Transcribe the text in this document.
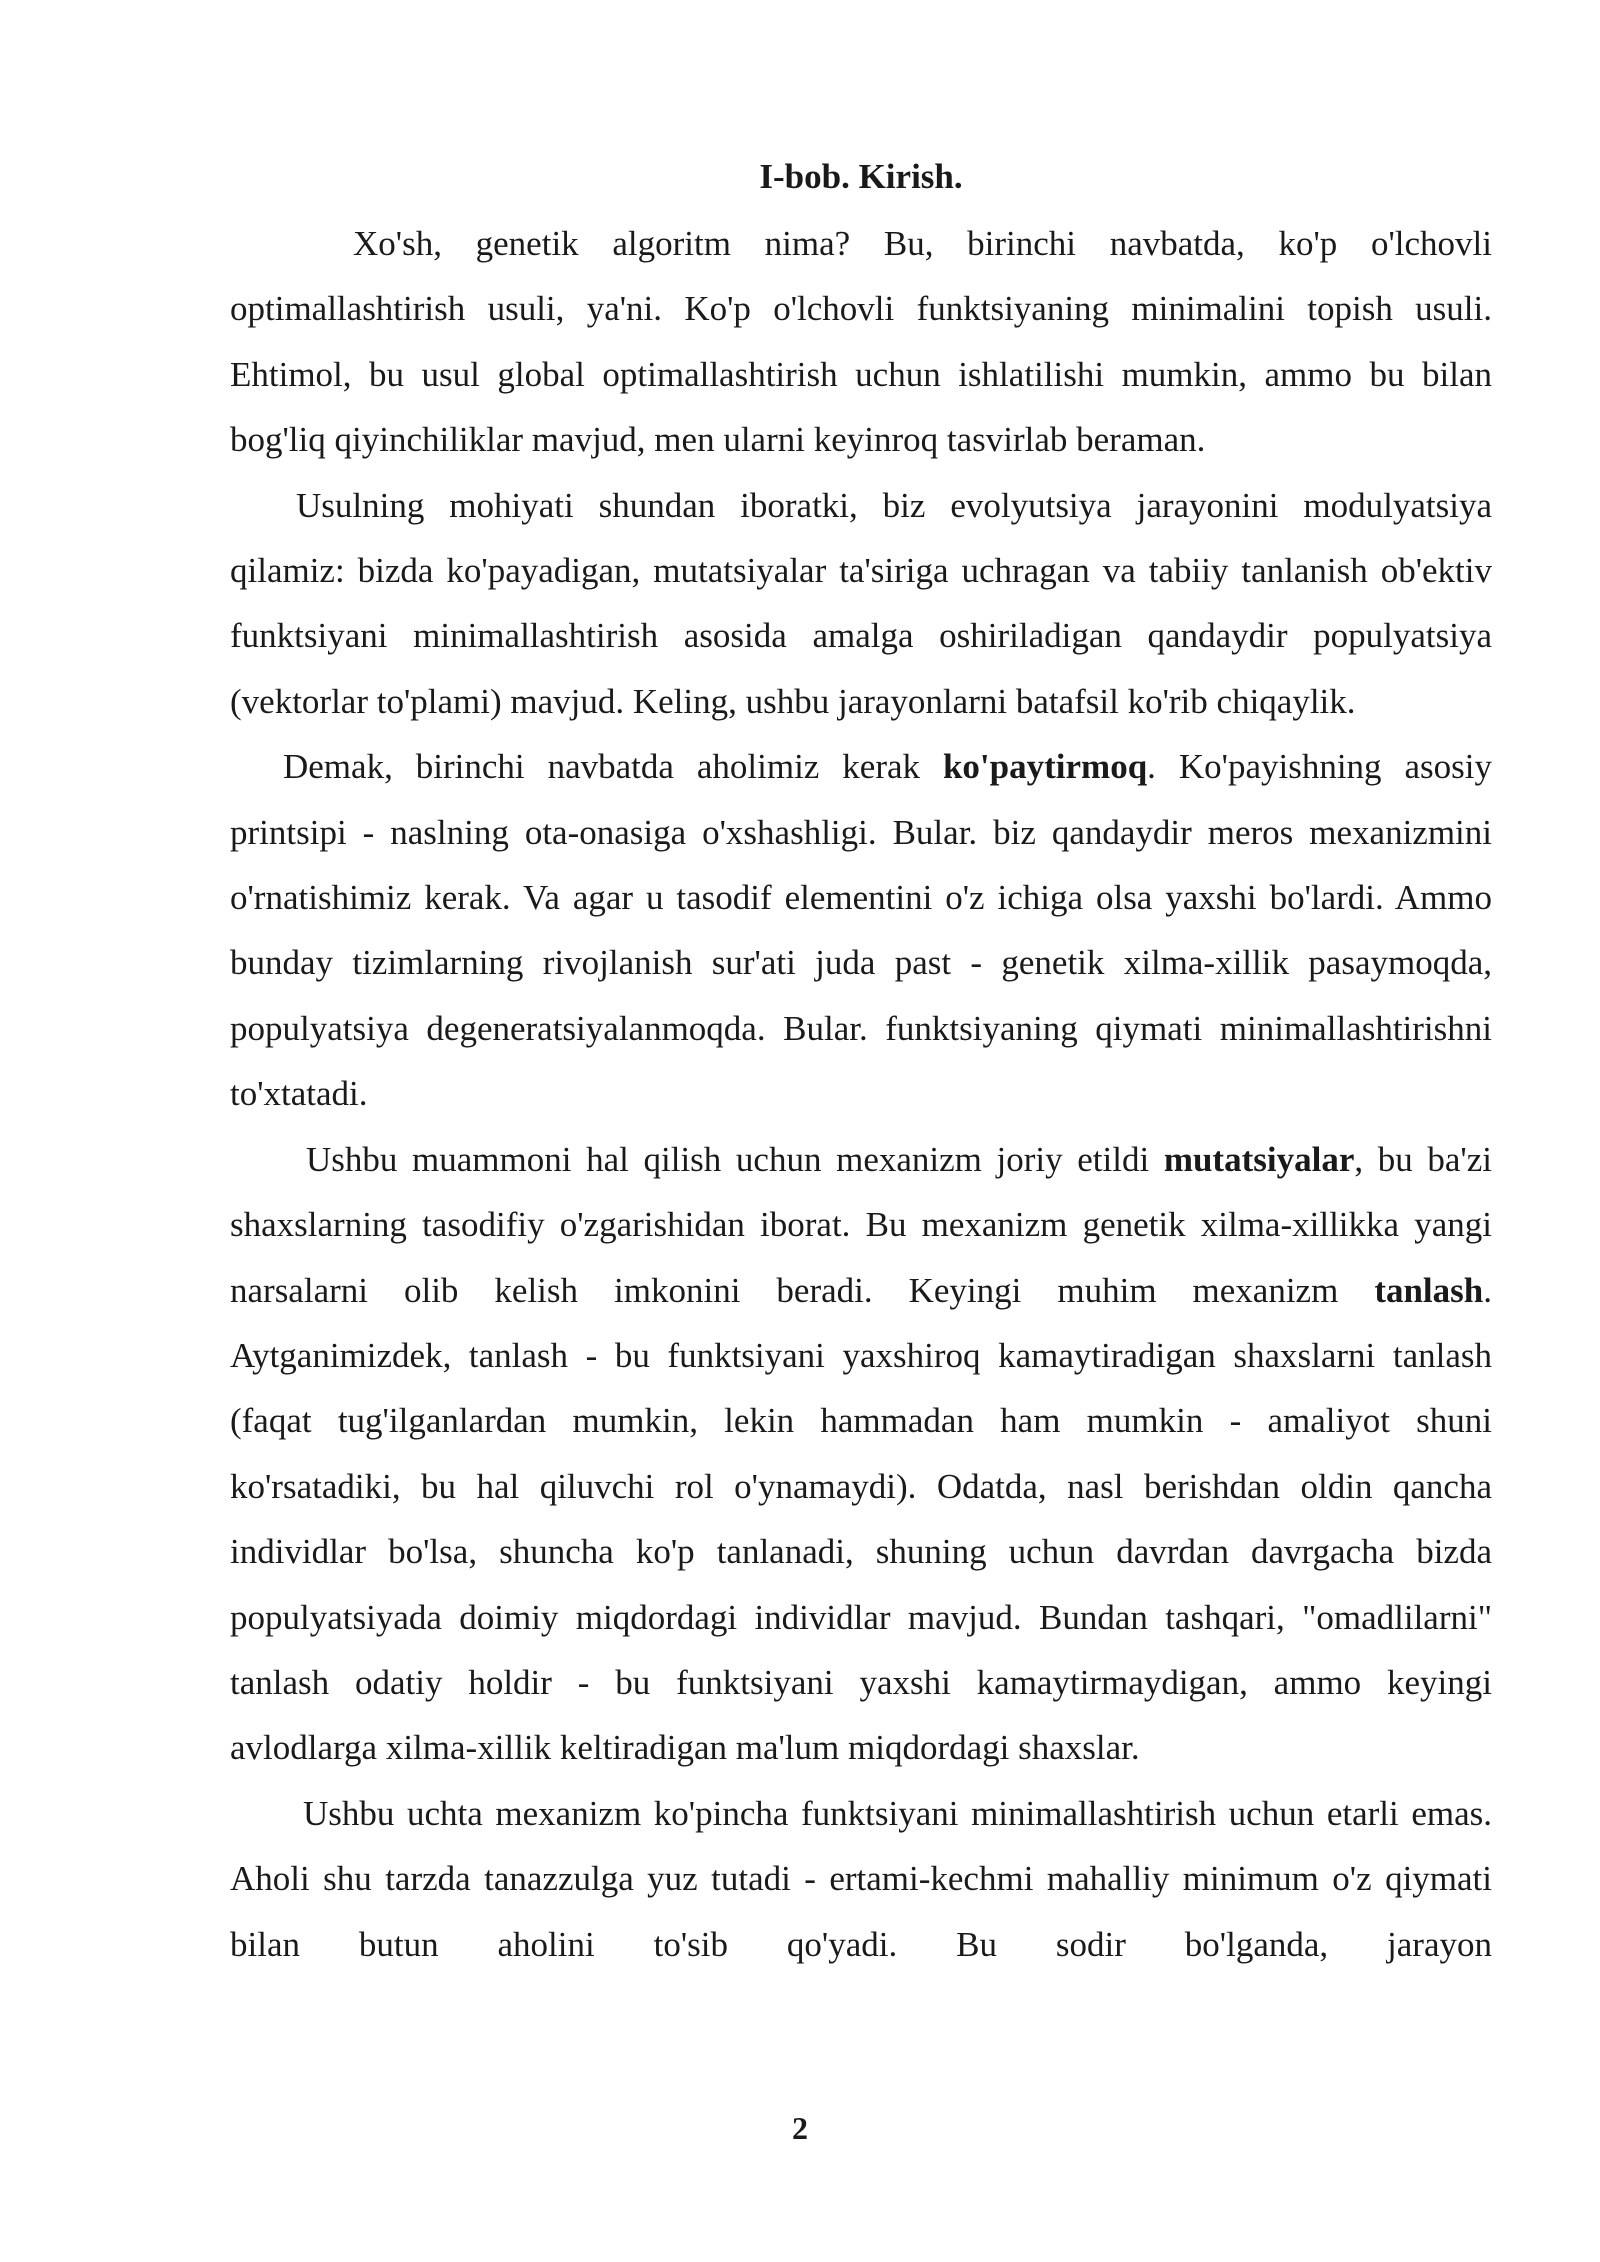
I-bob. Kirish.

Xo'sh, genetik algoritm nima? Bu, birinchi navbatda, ko'p o'lchovli optimallashtirish usuli, ya'ni. Ko'p o'lchovli funktsiyaning minimalini topish usuli. Ehtimol, bu usul global optimallashtirish uchun ishlatilishi mumkin, ammo bu bilan bog'liq qiyinchiliklar mavjud, men ularni keyinroq tasvirlab beraman.

Usulning mohiyati shundan iboratki, biz evolyutsiya jarayonini modulyatsiya qilamiz: bizda ko'payadigan, mutatsiyalar ta'siriga uchragan va tabiiy tanlanish ob'ektiv funktsiyani minimallashtirish asosida amalga oshiriladigan qandaydir populyatsiya (vektorlar to'plami) mavjud. Keling, ushbu jarayonlarni batafsil ko'rib chiqaylik.

Demak, birinchi navbatda aholimiz kerak ko'paytirmoq. Ko'payishning asosiy printsipi - naslning ota-onasiga o'xshashligi. Bular. biz qandaydir meros mexanizmini o'rnatishimiz kerak. Va agar u tasodif elementini o'z ichiga olsa yaxshi bo'lardi. Ammo bunday tizimlarning rivojlanish sur'ati juda past - genetik xilma-xillik pasaymoqda, populyatsiya degeneratsiyalanmoqda. Bular. funktsiyaning qiymati minimallashtirishni to'xtatadi.

Ushbu muammoni hal qilish uchun mexanizm joriy etildi mutatsiyalar, bu ba'zi shaxslarning tasodifiy o'zgarishidan iborat. Bu mexanizm genetik xilma-xillikka yangi narsalarni olib kelish imkonini beradi. Keyingi muhim mexanizm tanlash. Aytganimizdek, tanlash - bu funktsiyani yaxshiroq kamaytiradigan shaxslarni tanlash (faqat tug'ilganlardan mumkin, lekin hammadan ham mumkin - amaliyot shuni ko'rsatadiki, bu hal qiluvchi rol o'ynamaydi). Odatda, nasl berishdan oldin qancha individlar bo'lsa, shuncha ko'p tanlanadi, shuning uchun davrdan davrgacha bizda populyatsiyada doimiy miqdordagi individlar mavjud. Bundan tashqari, "omadlilarni" tanlash odatiy holdir - bu funktsiyani yaxshi kamaytirmaydigan, ammo keyingi avlodlarga xilma-xillik keltiradigan ma'lum miqdordagi shaxslar.

Ushbu uchta mexanizm ko'pincha funktsiyani minimallashtirish uchun etarli emas. Aholi shu tarzda tanazzulga yuz tutadi - ertami-kechmi mahalliy minimum o'z qiymati bilan butun aholini to'sib qo'yadi. Bu sodir bo'lganda, jarayon

2
